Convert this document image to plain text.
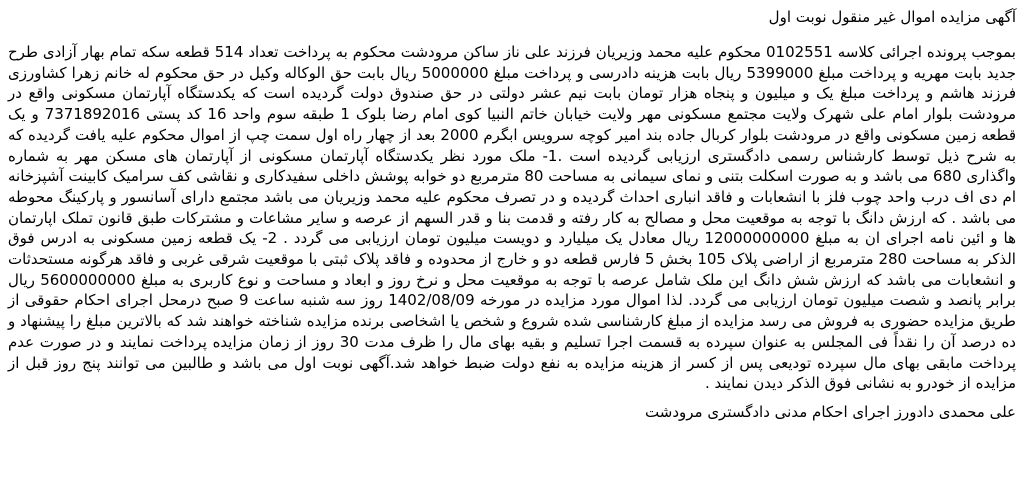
آگهی مزایده اموال غیر منقول نوبت اول

بموجب پرونده اجرائی کلاسه 0102551 محکوم علیه محمد وزیریان فرزند علی ناز ساکن مرودشت محکوم به پرداخت تعداد 514 قطعه سکه تمام بهار آزادی طرح جدید بابت مهریه و پرداخت مبلغ 5399000 ریال بابت هزینه دادرسی و پرداخت مبلغ 5000000 ریال بابت حق الوکاله وکیل در حق محکوم له خانم زهرا کشاورزی فرزند هاشم و پرداخت مبلغ یک و میلیون و پنجاه هزار تومان بابت نیم عشر دولتی در حق صندوق دولت گردیده است که یکدستگاه آپارتمان مسکونی واقع در مرودشت بلوار امام علی شهرک ولایت مجتمع مسکونی مهر ولایت خیابان خاتم النبیا کوی امام رضا بلوک 1 طبقه سوم واحد 16 کد پستی 7371892016 و یک قطعه زمین مسکونی واقع در مرودشت بلوار کربال جاده بند امیر کوچه سرویس ابگرم 2000 بعد از چهار راه اول سمت چپ از اموال محکوم علیه یافت گردیده که به شرح ذیل توسط کارشناس رسمی دادگستری ارزیابی گردیده است .1- ملک مورد نظر یکدستگاه آپارتمان مسکونی از آپارتمان های مسکن مهر به شماره واگذاری 680 می باشد و به صورت اسکلت بتنی و نمای سیمانی به مساحت 80 مترمربع دو خوابه پوشش داخلی سفیدکاری و نقاشی کف سرامیک کابینت آشپزخانه ام دی اف درب واحد چوب فلز با انشعابات و فاقد انباری احداث گردیده و در تصرف محکوم علیه محمد وزیریان می باشد مجتمع دارای آسانسور و پارکینگ محوطه می باشد . که ارزش دانگ با توجه به موقعیت محل و مصالح به کار رفته و قدمت بنا و قدر السهم از عرصه و سایر مشاعات و مشترکات طبق قانون تملک اپارتمان ها و ائین نامه اجرای ان به مبلغ 12000000000 ریال معادل یک میلیارد و دویست میلیون تومان ارزیابی می گردد . 2- یک قطعه زمین مسکونی به ادرس فوق الذکر به مساحت 280 مترمربع از اراضی پلاک 105 بخش 5 فارس قطعه دو و خارج از محدوده و فاقد پلاک ثبتی با موقعیت شرقی غربی و فاقد هرگونه مستحدثات و انشعابات می باشد که ارزش شش دانگ این ملک شامل عرصه با توجه به موقعیت محل و نرخ روز و ابعاد و مساحت و نوع کاربری به مبلغ 5600000000 ریال برابر پانصد و شصت میلیون تومان ارزیابی می گردد. لذا اموال مورد مزایده در مورخه 1402/08/09 روز سه شنبه ساعت 9 صبح درمحل اجرای احکام حقوقی از طریق مزایده حضوری به فروش می رسد مزایده از مبلغ کارشناسی شده شروع و شخص یا اشخاصی برنده مزایده شناخته خواهند شد که بالاترین مبلغ را پیشنهاد و ده درصد آن را نقداً فی المجلس به عنوان سپرده به قسمت اجرا تسلیم و بقیه بهای مال را ظرف مدت 30 روز از زمان مزایده پرداخت نمایند و در صورت عدم پرداخت مابقی بهای مال سپرده تودیعی پس از کسر از هزینه مزایده به نفع دولت ضبط خواهد شد.آگهی نوبت اول می باشد و طالبین می توانند پنج روز قبل از مزایده از خودرو به نشانی فوق الذکر دیدن نمایند .

علی محمدی دادورز اجرای احکام مدنی دادگستری مرودشت
